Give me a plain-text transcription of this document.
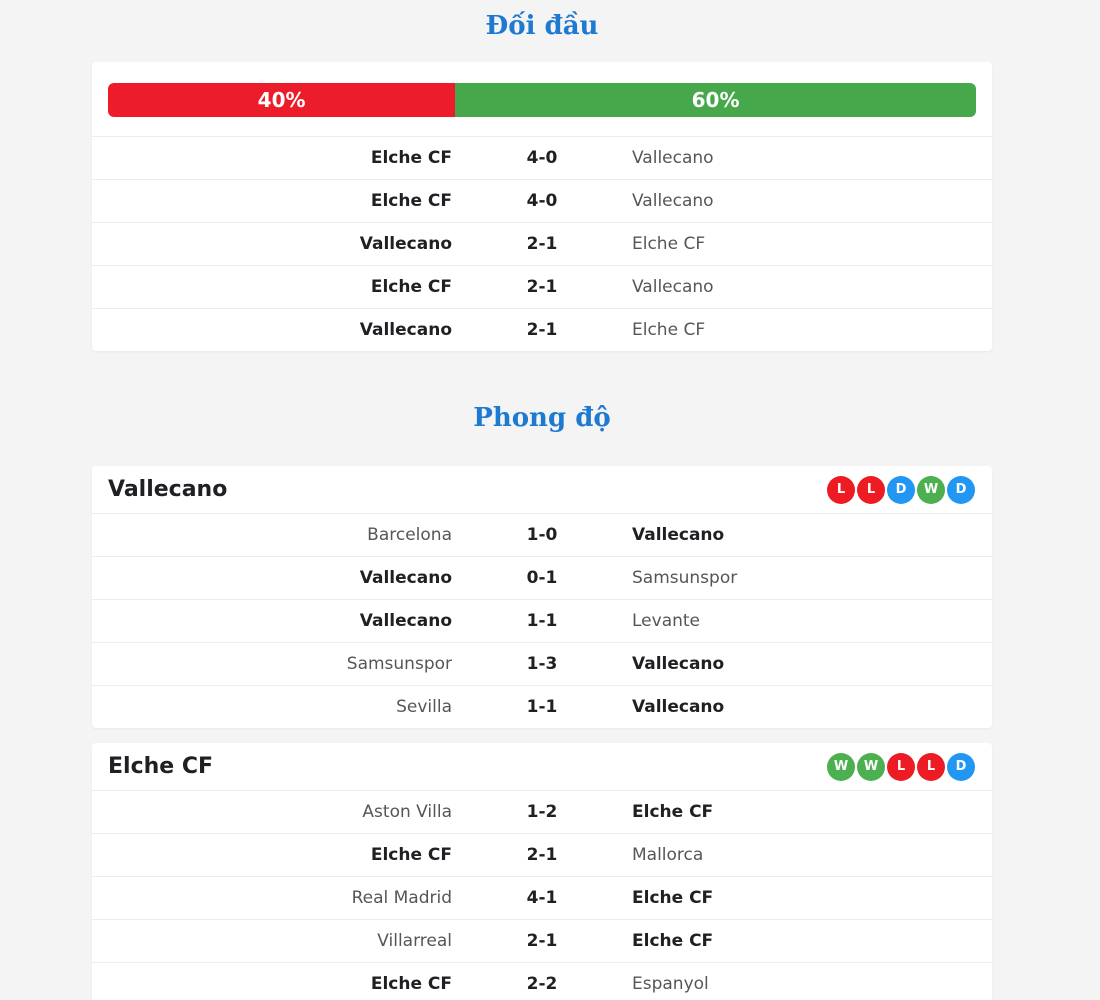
Đối đầu
40%	60%
Elche CF	4-0	Vallecano
Elche CF	4-0	Vallecano
Vallecano	2-1	Elche CF
Elche CF	2-1	Vallecano
Vallecano	2-1	Elche CF
Phong độ
Vallecano	L	L	D	W	D
Barcelona	1-0	Vallecano
Vallecano	0-1	Samsunspor
Vallecano	1-1	Levante
Samsunspor	1-3	Vallecano
Sevilla	1-1	Vallecano
Elche CF	W	W	L	L	D
Aston Villa	1-2	Elche CF
Elche CF	2-1	Mallorca
Real Madrid	4-1	Elche CF
Villarreal	2-1	Elche CF
Elche CF	2-2	Espanyol
